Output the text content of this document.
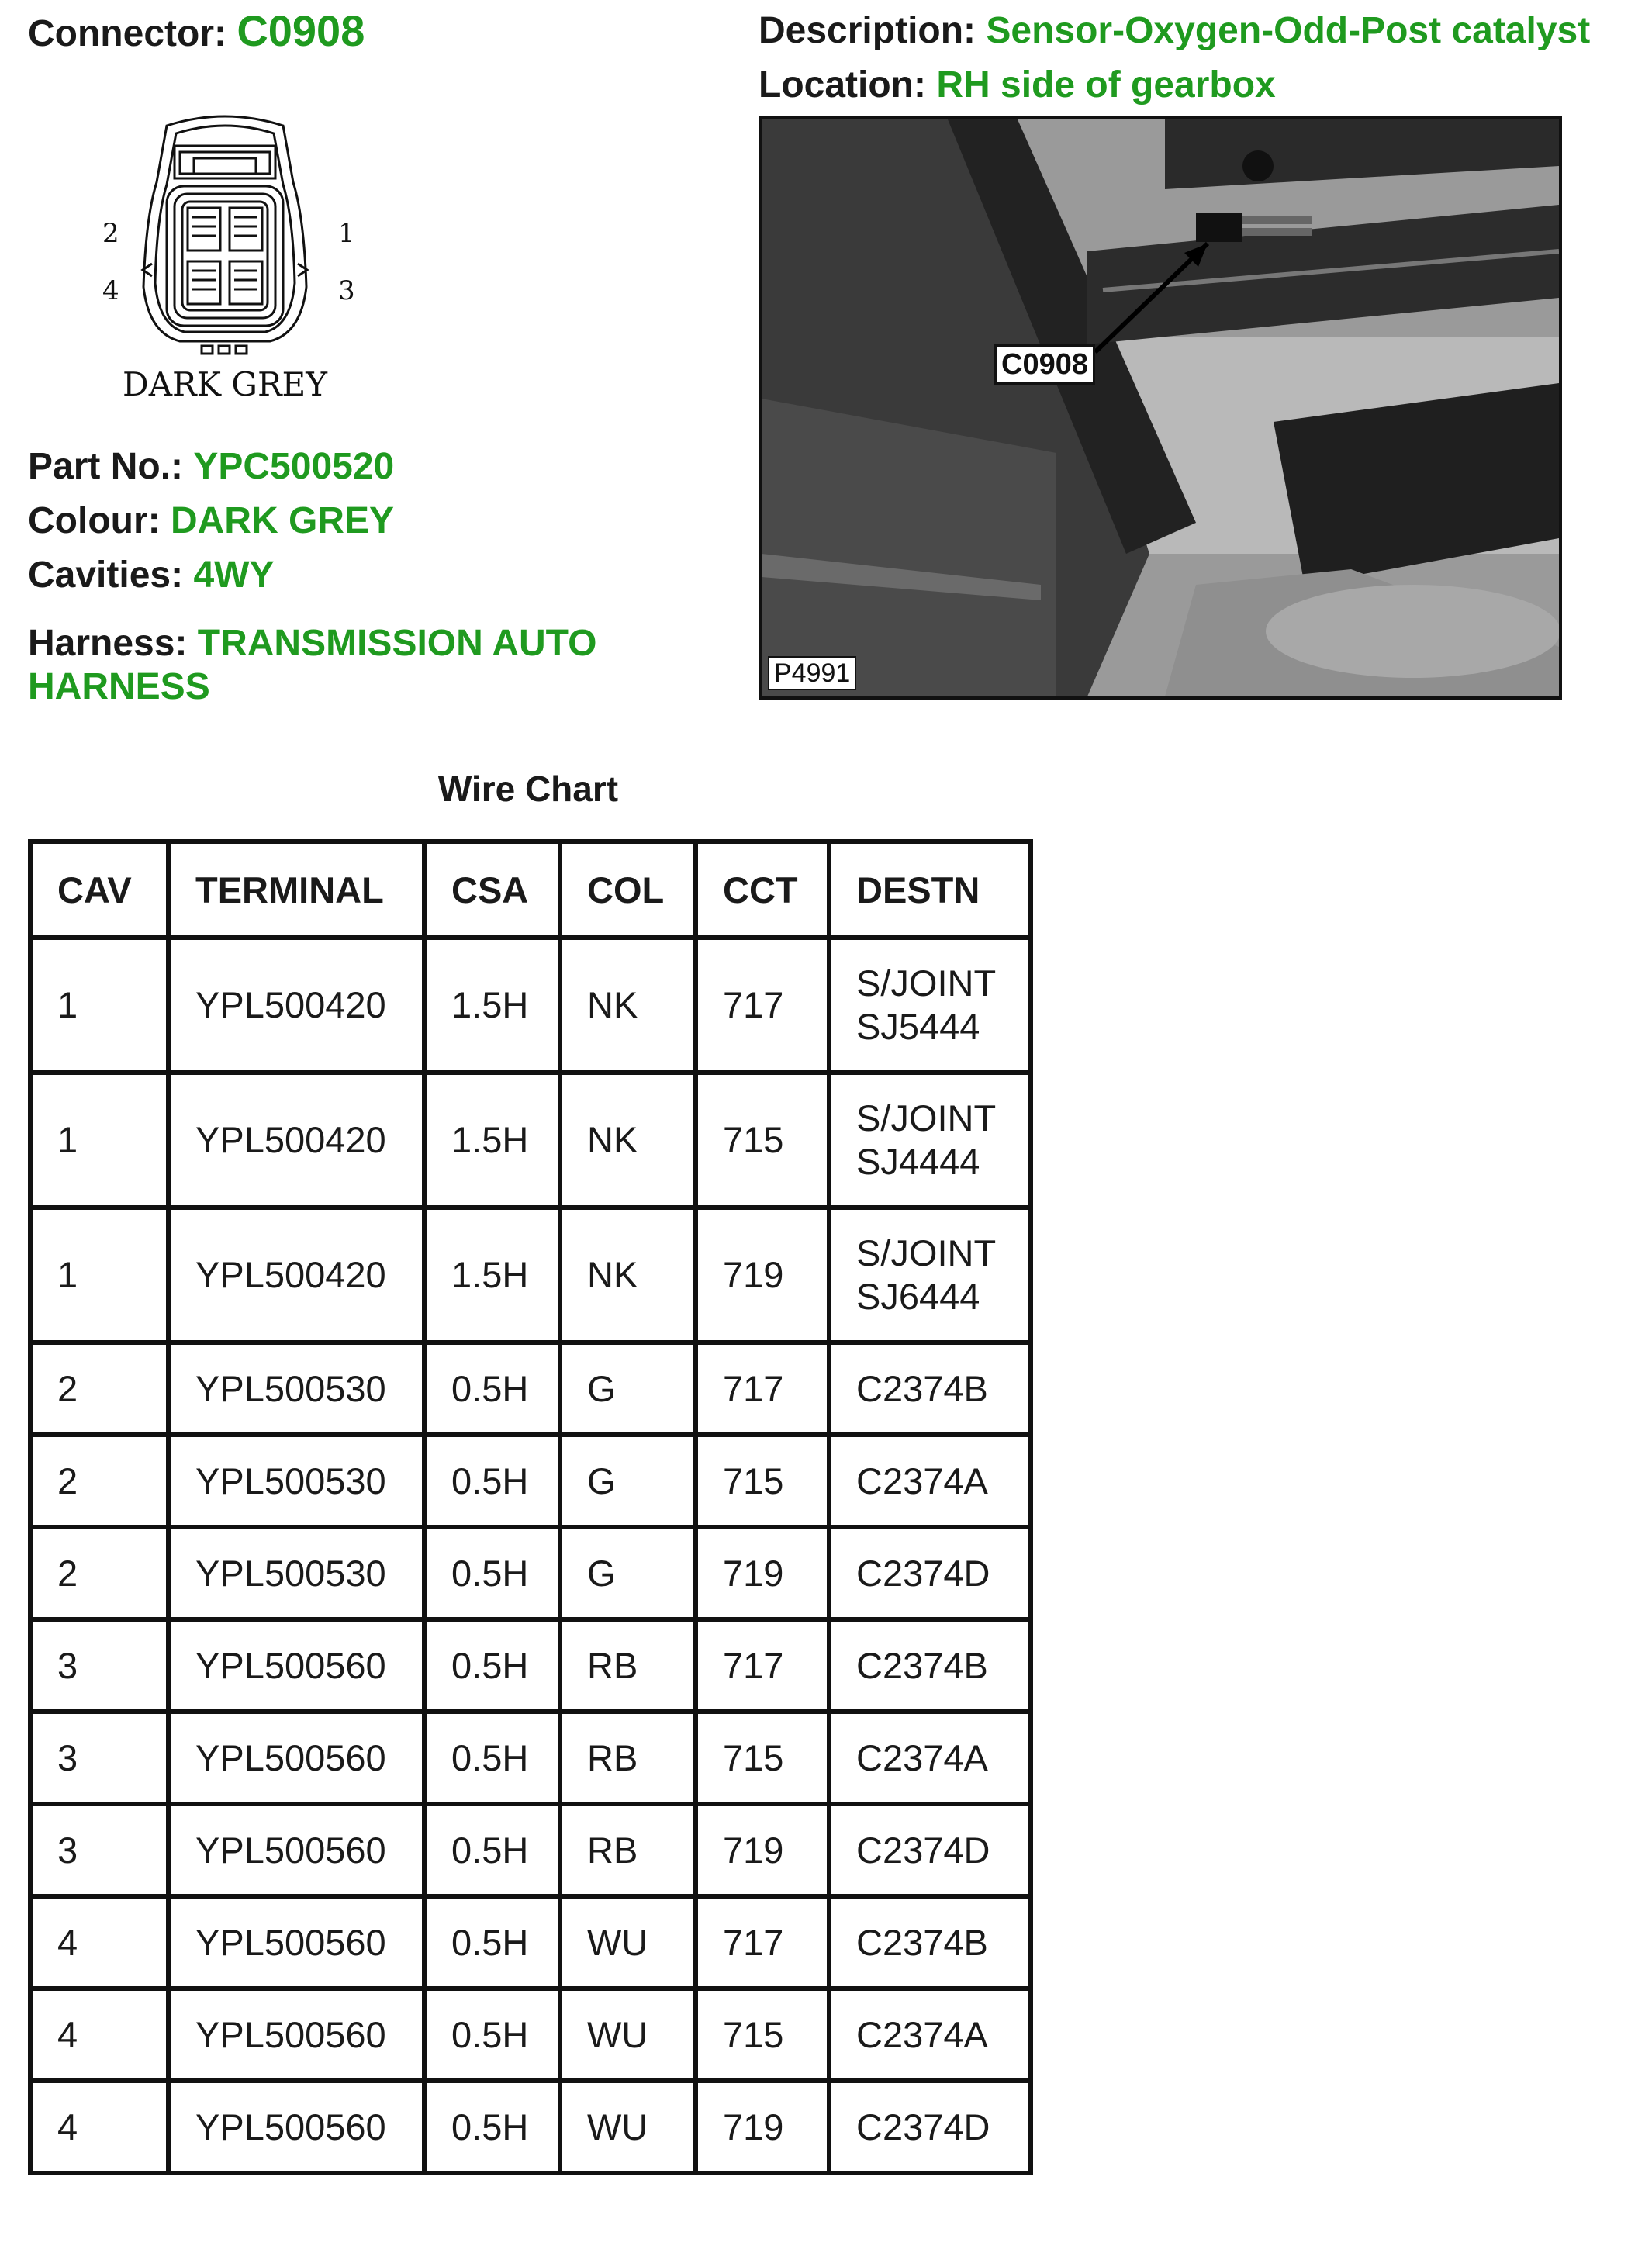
Connector: C0908	Description: Sensor-Oxygen-Odd-Post catalyst
Location: RH side of gearbox
2	1
4	3
DARK GREY
Part No.: YPC500520
Colour: DARK GREY
Cavities: 4WY
Harness: TRANSMISSION AUTO
HARNESS
C0908
P4991
Wire Chart
CAV	TERMINAL	CSA	COL	CCT	DESTN
1	YPL500420	1.5H	NK	717	S/JOINT
SJ5444

1	YPL500420	1.5H	NK	715	S/JOINT
SJ4444

1	YPL500420	1.5H	NK	719	S/JOINT
SJ6444

2	YPL500530	0.5H	G	717	C2374B

2	YPL500530	0.5H	G	715	C2374A

2	YPL500530	0.5H	G	719	C2374D

3	YPL500560	0.5H	RB	717	C2374B

3	YPL500560	0.5H	RB	715	C2374A

3	YPL500560	0.5H	RB	719	C2374D

4	YPL500560	0.5H	WU	717	C2374B

4	YPL500560	0.5H	WU	715	C2374A

4	YPL500560	0.5H	WU	719	C2374D
